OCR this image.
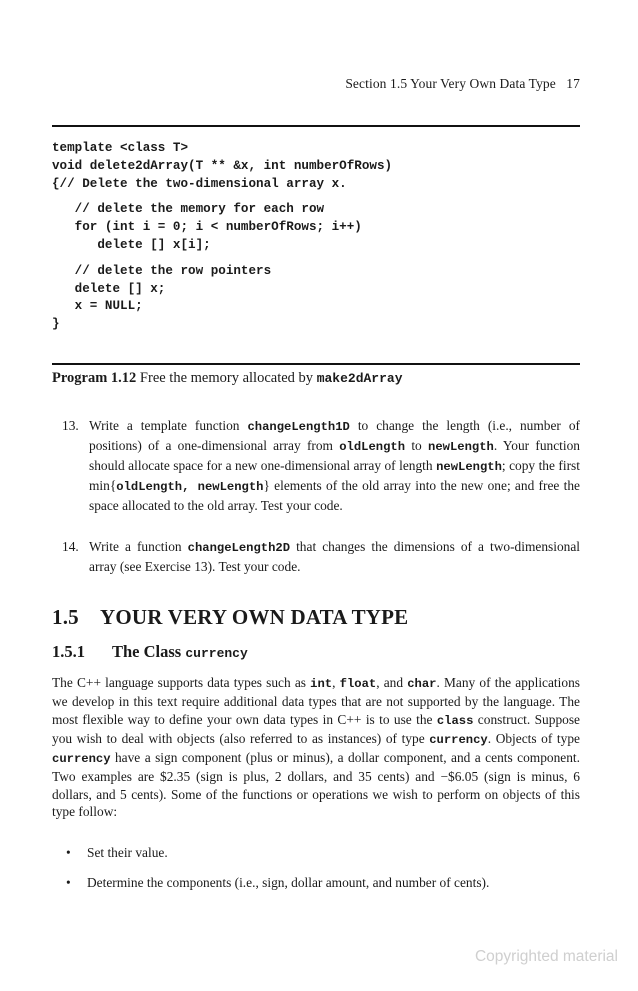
Section 1.5 Your Very Own Data Type   17
template <class T>
void delete2dArray(T ** &x, int numberOfRows)
{// Delete the two-dimensional array x.
// delete the memory for each row
for (int i = 0; i < numberOfRows; i++)
delete [] x[i];
// delete the row pointers
delete [] x;
x = NULL;
}
Program 1.12 Free the memory allocated by make2dArray
13. Write a template function changeLength1D to change the length (i.e., number of positions) of a one-dimensional array from oldLength to newLength. Your function should allocate space for a new one-dimensional array of length newLength; copy the first min{oldLength, newLength} elements of the old array into the new one; and free the space allocated to the old array. Test your code.
14. Write a function changeLength2D that changes the dimensions of a two-dimensional array (see Exercise 13). Test your code.
1.5 YOUR VERY OWN DATA TYPE
1.5.1 The Class currency
The C++ language supports data types such as int, float, and char. Many of the applications we develop in this text require additional data types that are not supported by the language. The most flexible way to define your own data types in C++ is to use the class construct. Suppose you wish to deal with objects (also referred to as instances) of type currency. Objects of type currency have a sign component (plus or minus), a dollar component, and a cents component. Two examples are $2.35 (sign is plus, 2 dollars, and 35 cents) and −$6.05 (sign is minus, 6 dollars, and 5 cents). Some of the functions or operations we wish to perform on objects of this type follow:
• Set their value.
• Determine the components (i.e., sign, dollar amount, and number of cents).
Copyrighted material
